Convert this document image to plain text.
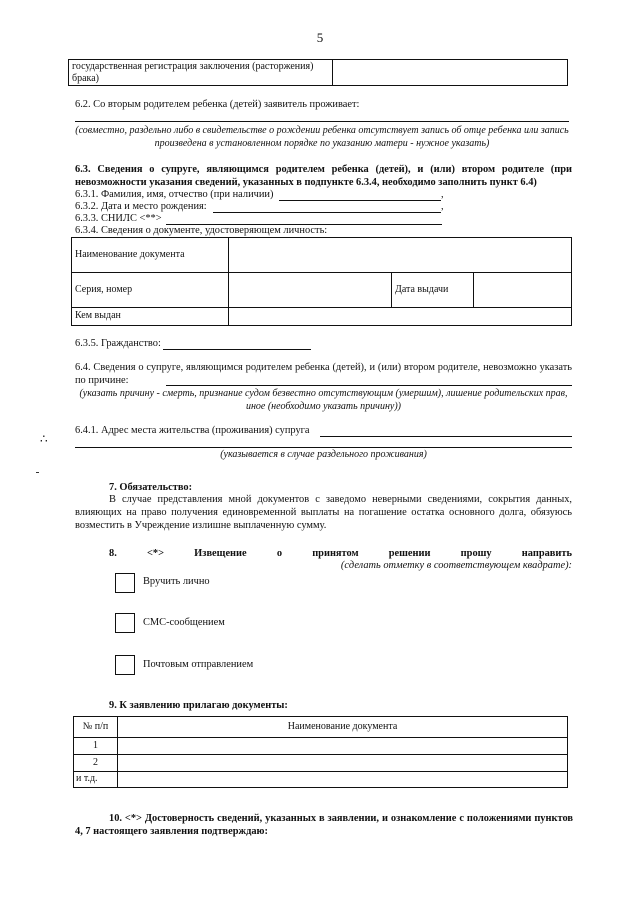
5
государственная регистрация заключения (расторжения) брака)	
6.2. Со вторым родителем ребенка (детей) заявитель проживает:
(совместно, раздельно либо в свидетельстве о рождении ребенка отсутствует запись об отце ребенка или запись произведена в установленном порядке по указанию матери - нужное указать)
6.3. Сведения о супруге, являющимся родителем ребенка (детей), и (или) втором родителе (при невозможности указания сведений, указанных в подпункте 6.3.4, необходимо заполнить пункт 6.4)
6.3.1. Фамилия, имя, отчество (при наличии)	,
6.3.2. Дата и место рождения:	,
6.3.3. СНИЛС <**>
6.3.4. Сведения о документе, удостоверяющем личность:
Наименование документа			
Серия, номер		Дата выдачи	
Кем выдан			
6.3.5. Гражданство:
6.4. Сведения о супруге, являющимся родителем ребенка (детей), и (или) втором родителе, невозможно указать по причине:
(указать причину - смерть, признание судом безвестно отсутствующим (умершим), лишение родительских прав, иное (необходимо указать причину))
∴
6.4.1. Адрес места жительства (проживания) супруга
(указывается в случае раздельного проживания)
7. Обязательство:
В случае представления мной документов с заведомо неверными сведениями, сокрытия данных, влияющих на право получения единовременной выплаты на погашение остатка основного долга, обязуюсь возместить в Учреждение излишне выплаченную сумму.
8. <*> Извещение о принятом решении прошу направить
(сделать отметку в соответствующем квадрате):
Вручить лично
СМС-сообщением
Почтовым отправлением
9. К заявлению прилагаю документы:
№ п/п	Наименование документа
1	
2	
и т.д.	
10. <*> Достоверность сведений, указанных в заявлении, и ознакомление с положениями пунктов 4, 7 настоящего заявления подтверждаю:
